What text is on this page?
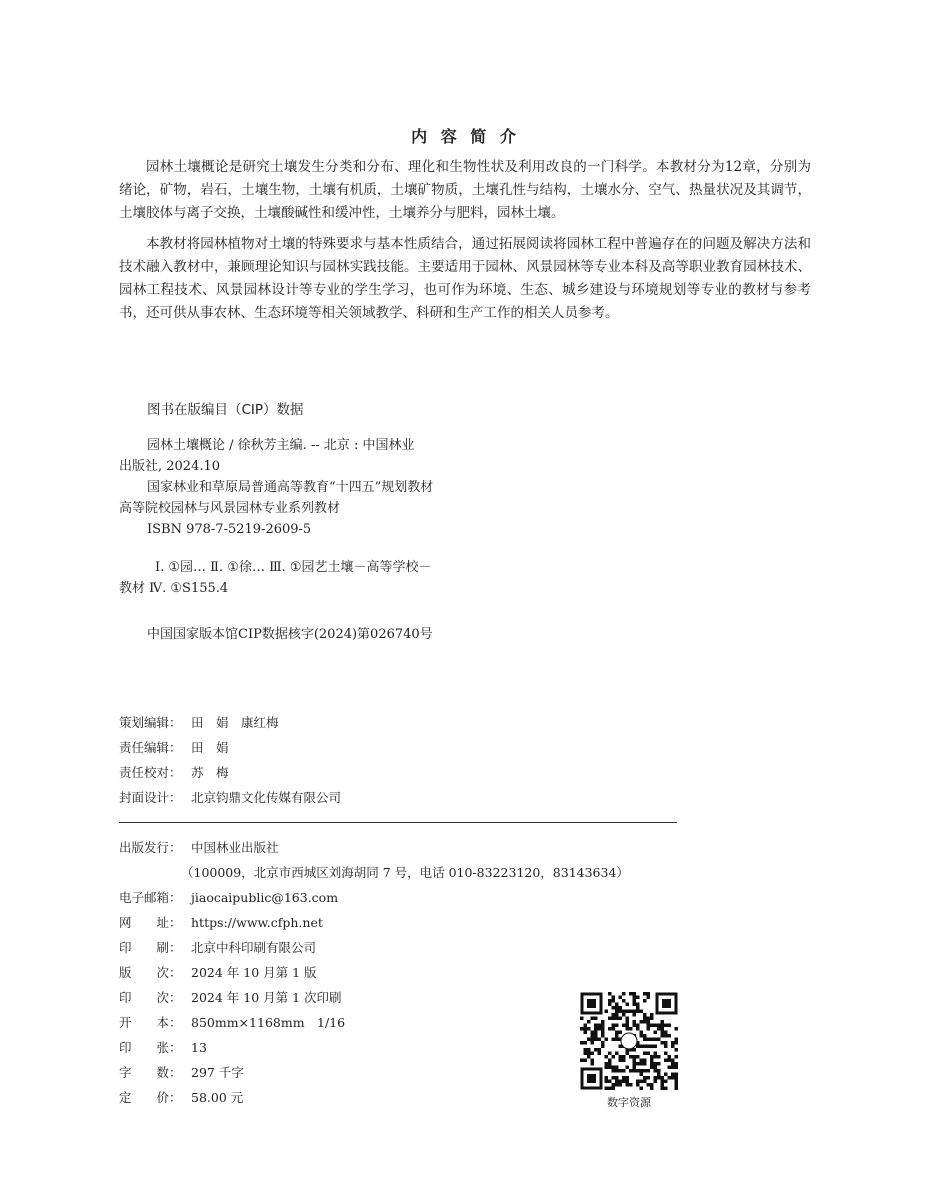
内 容 简 介

园林土壤概论是研究土壤发生分类和分布、理化和生物性状及利用改良的一门科学。本教材分为12章，分别为绪论，矿物，岩石，土壤生物，土壤有机质，土壤矿物质，土壤孔性与结构，土壤水分、空气、热量状况及其调节，土壤胶体与离子交换，土壤酸碱性和缓冲性，土壤养分与肥料，园林土壤。

本教材将园林植物对土壤的特殊要求与基本性质结合，通过拓展阅读将园林工程中普遍存在的问题及解决方法和技术融入教材中，兼顾理论知识与园林实践技能。主要适用于园林、风景园林等专业本科及高等职业教育园林技术、园林工程技术、风景园林设计等专业的学生学习，也可作为环境、生态、城乡建设与环境规划等专业的教材与参考书，还可供从事农林、生态环境等相关领域教学、科研和生产工作的相关人员参考。

图书在版编目（CIP）数据
园林土壤概论 / 徐秋芳主编. -- 北京 : 中国林业
出版社, 2024.10
国家林业和草原局普通高等教育“十四五”规划教材
高等院校园林与风景园林专业系列教材
ISBN 978-7-5219-2609-5
Ⅰ. ①园… Ⅱ. ①徐… Ⅲ. ①园艺土壤－高等学校－
教材 Ⅳ. ①S155.4
中国国家版本馆CIP数据核字(2024)第026740号
策划编辑： 田　娟　康红梅
责任编辑： 田　娟
责任校对： 苏　梅
封面设计： 北京钧鼎文化传媒有限公司
出版发行： 中国林业出版社
（100009，北京市西城区刘海胡同 7 号，电话 010-83223120，83143634）
电子邮箱： jiaocaipublic@163.com
网　　址： https://www.cfph.net
印　　刷： 北京中科印刷有限公司
版　　次： 2024 年 10 月第 1 版
印　　次： 2024 年 10 月第 1 次印刷
开　　本： 850mm×1168mm　1/16
印　　张： 13
字　　数： 297 千字
定　　价： 58.00 元	数字资源
